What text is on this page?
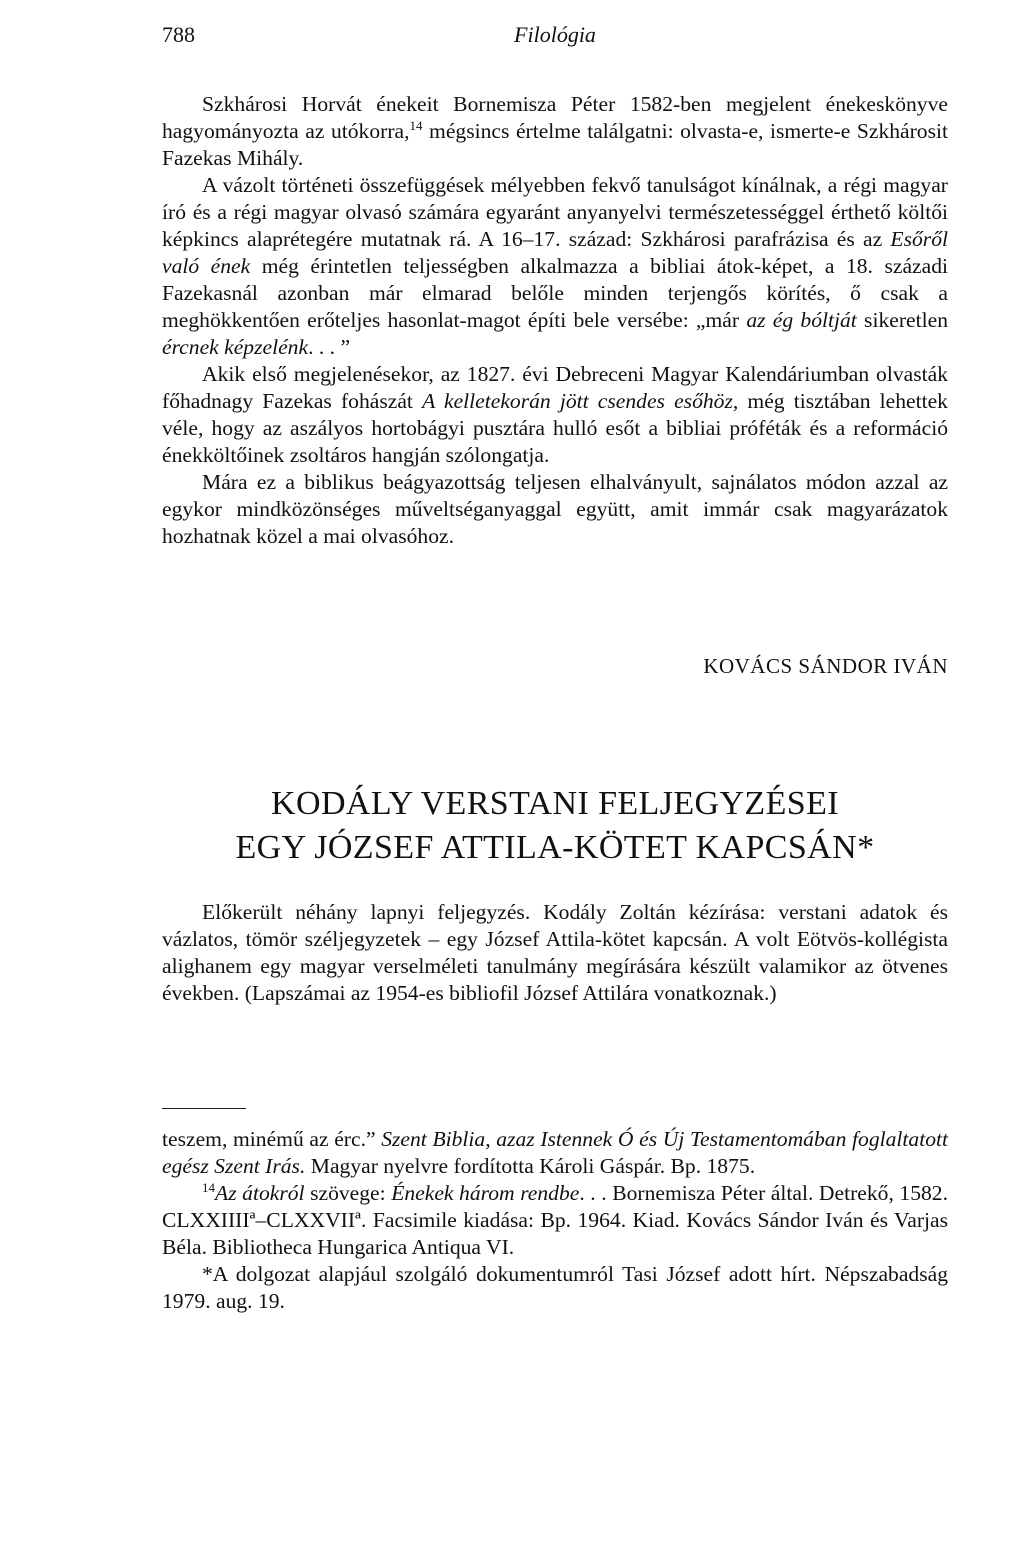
788	Filológia

Szkhárosi Horvát énekeit Bornemisza Péter 1582-ben megjelent énekeskönyve hagyományozta az utókorra,$^{14}$ mégsincs értelme találgatni: olvasta-e, ismerte-e Szkhárosit Fazekas Mihály.

A vázolt történeti összefüggések mélyebben fekvő tanulságot kínálnak, a régi magyar író és a régi magyar olvasó számára egyaránt anyanyelvi természetességgel érthető költői képkincs alaprétegére mutatnak rá. A 16–17. század: Szkhárosi parafrázisa és az Esőről való ének még érintetlen teljességben alkalmazza a bibliai átok-képet, a 18. századi Fazekasnál azonban már elmarad belőle minden terjengős körítés, ő csak a meghökkentően erőteljes hasonlat-magot építi bele versébe: „már az ég bóltját sikeretlen ércnek képzelénk. . . ”

Akik első megjelenésekor, az 1827. évi Debreceni Magyar Kalendáriumban olvasták főhadnagy Fazekas fohászát A kelletekorán jött csendes esőhöz, még tisztában lehettek véle, hogy az aszályos hortobágyi pusztára hulló esőt a bibliai próféták és a reformáció énekköltőinek zsoltáros hangján szólongatja.

Mára ez a biblikus beágyazottság teljesen elhalványult, sajnálatos módon azzal az egykor mindközönséges műveltséganyaggal együtt, amit immár csak magyarázatok hozhatnak közel a mai olvasóhoz.

KOVÁCS SÁNDOR IVÁN
KODÁLY VERSTANI FELJEGYZÉSEI
EGY JÓZSEF ATTILA-KÖTET KAPCSÁN*

Előkerült néhány lapnyi feljegyzés. Kodály Zoltán kézírása: verstani adatok és vázlatos, tömör széljegyzetek – egy József Attila-kötet kapcsán. A volt Eötvös-kollégista alighanem egy magyar verselméleti tanulmány megírására készült valamikor az ötvenes években. (Lapszámai az 1954-es bibliofil József Attilára vonatkoznak.)

teszem, minémű az érc.” Szent Biblia, azaz Istennek Ó és Új Testamentomában foglaltatott egész Szent Irás. Magyar nyelvre fordította Károli Gáspár. Bp. 1875.

$^{14}$Az átokról szövege: Énekek három rendbe. . . Bornemisza Péter által. Detrekő, 1582. CLXXIIIIª–CLXXVIIª. Facsimile kiadása: Bp. 1964. Kiad. Kovács Sándor Iván és Varjas Béla. Bibliotheca Hungarica Antiqua VI.

*A dolgozat alapjául szolgáló dokumentumról Tasi József adott hírt. Népszabadság 1979. aug. 19.
